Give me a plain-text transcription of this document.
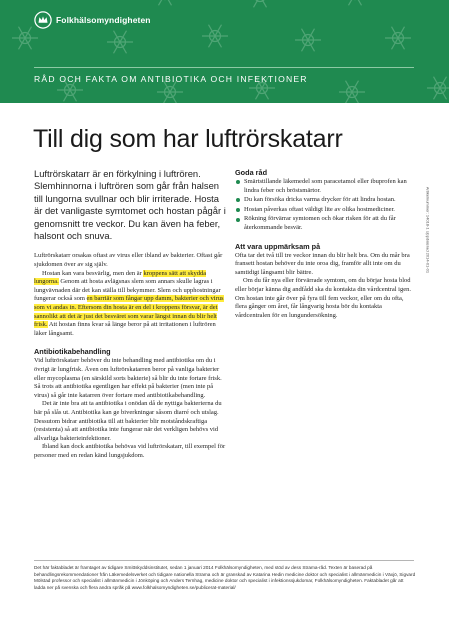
Folkhälsomyndigheten
RÅD OCH FAKTA OM ANTIBIOTIKA OCH INFEKTIONER
Till dig som har luftrörskatarr
Artikelnummer: 14018-1 Uppdaterad 2014-01-01

Luftrörskatarr är en förkylning i luftrören. Slemhinnorna i luftrören som går från halsen till lungorna svullnar och blir irriterade. Hosta är det vanligaste symtomet och hostan pågår i genomsnitt tre veckor. Du kan även ha feber, halsont och snuva.

Luftrörskatarr orsakas oftast av virus eller ibland av bakterier. Oftast går sjukdomen över av sig själv.

Hostan kan vara besvärlig, men den är kroppens sätt att skydda lungorna. Genom att hosta avlägsnas slem som annars skulle lagras i lungvävnaden där det kan ställa till bekymmer. Slem och upphostningar fungerar också som en barriär som fångar upp damm, bakterier och virus som vi andas in. Eftersom din hosta är en del i kroppens försvar, är det sannolikt att det är just det besväret som varar längst innan du blir helt frisk. Att hostan finns kvar så länge beror på att irritationen i luftrören läker långsamt.

Antibiotikabehandling

Vid luftrörskatarr behöver du inte behandling med antibiotika om du i övrigt är lungfrisk. Även om luftrörskatarren beror på vanliga bakterier eller mycoplasma (en särskild sorts bakterie) så blir du inte fortare frisk. Så trots att antibiotika egentligen har effekt på bakterier (men inte på virus) så går inte katarren över fortare med antibiotikabehandling.

Det är inte bra att ta antibiotika i onödan då de nyttiga bakterierna du bär på slås ut. Antibiotika kan ge biverkningar såsom diarré och utslag. Dessutom bidrar antibiotika till att bakterier blir motståndskraftiga (resistenta) så att antibiotika inte fungerar när det verkligen behövs vid allvarliga bakterieinfektioner.

Ibland kan dock antibiotika behövas vid luftrörskatarr, till exempel för personer med en redan känd lungsjukdom.

Goda råd
Smärtstillande läkemedel som paracetamol eller ibuprofen kan lindra feber och bröstsmärtor.
Du kan försöka dricka varma drycker för att lindra hostan.
Hostan påverkas oftast väldigt lite av olika hostmediciner.
Rökning förvärrar symtomen och ökar risken för att du får återkommande besvär.
Att vara uppmärksam på

Ofta tar det två till tre veckor innan du blir helt bra. Om du mår bra fransett hostan behöver du inte oroa dig, framför allt inte om du samtidigt långsamt blir bättre.

Om du får nya eller förvärrade symtom, om du börjar hosta blod eller börjar känna dig andfådd ska du kontakta din vårdcentral igen. Om hostan inte går över på fyra till fem veckor, eller om du ofta, flera gånger om året, får långvarig hosta bör du kontakta vårdcentralen för en lungundersökning.

Det här faktabladet är framtaget av tidigare Smittskyddsinstitutet, sedan 1 januari 2014 Folkhälsomyndigheten, med stöd av dess Strama-råd. Texten är baserad på behandlingsrekommendationer från Läkemedelsverket och tidigare nationella Strama och är granskad av Katarina Hedin medicine doktor och specialist i allmänmedicin i Växjö, Sigvard Mölstad professor och specialist i allmänmedicin i Jönköping och Anders Ternhag, medicine doktor och specialist i infektionssjukdomar, Folkhälsomyndigheten. Faktabladet går att ladda ner på svenska och flera andra språk på www.folkhalsomyndigheten.se/publicerat-material/
